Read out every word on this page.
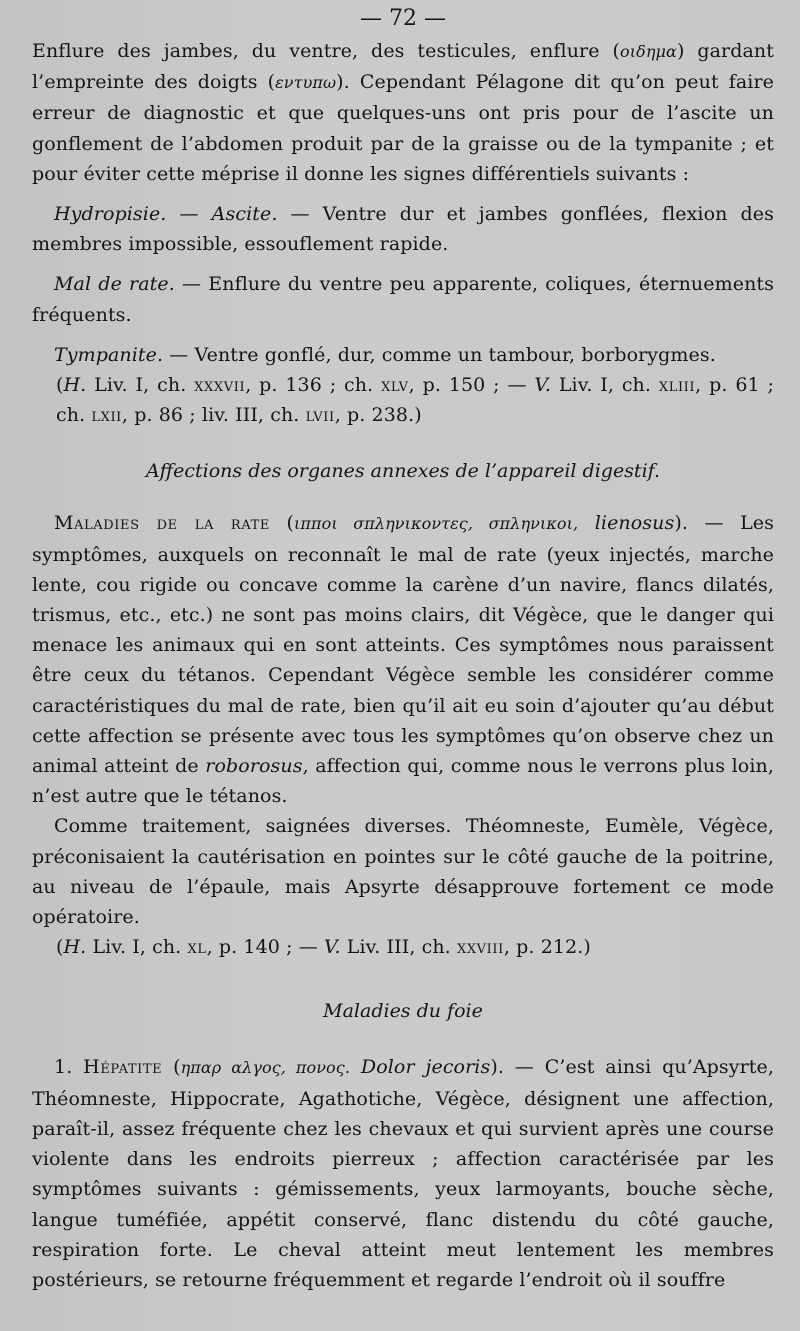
— 72 —

Enflure des jambes, du ventre, des testicules, enflure (οιδημα) gardant l’empreinte des doigts (εντυπω). Cependant Pélagone dit qu’on peut faire erreur de diagnostic et que quelques-uns ont pris pour de l’ascite un gonflement de l’abdomen produit par de la graisse ou de la tympanite ; et pour éviter cette méprise il donne les signes différentiels suivants :

Hydropisie. — Ascite. — Ventre dur et jambes gonflées, flexion des membres impossible, essouflement rapide.

Mal de rate. — Enflure du ventre peu apparente, coliques, éternuements fréquents.

Tympanite. — Ventre gonflé, dur, comme un tambour, borborygmes.

(H. Liv. I, ch. xxxvii, p. 136 ; ch. xlv, p. 150 ; — V. Liv. I, ch. xliii, p. 61 ; ch. lxii, p. 86 ; liv. III, ch. lvii, p. 238.)

Affections des organes annexes de l’appareil digestif.

Maladies de la rate (ιπποι σπληνικοντες, σπληνικοι, lienosus). — Les symptômes, auxquels on reconnaît le mal de rate (yeux injectés, marche lente, cou rigide ou concave comme la carène d’un navire, flancs dilatés, trismus, etc., etc.) ne sont pas moins clairs, dit Végèce, que le danger qui menace les animaux qui en sont atteints. Ces symptômes nous paraissent être ceux du tétanos. Cependant Végèce semble les considérer comme caractéristiques du mal de rate, bien qu’il ait eu soin d’ajouter qu’au début cette affection se présente avec tous les symptômes qu’on observe chez un animal atteint de roborosus, affection qui, comme nous le verrons plus loin, n’est autre que le tétanos.

Comme traitement, saignées diverses. Théomneste, Eumèle, Végèce, préconisaient la cautérisation en pointes sur le côté gauche de la poitrine, au niveau de l’épaule, mais Apsyrte désapprouve fortement ce mode opératoire.

(H. Liv. I, ch. xl, p. 140 ; — V. Liv. III, ch. xxviii, p. 212.)

Maladies du foie

1. Hépatite (ηπαρ αλγος, πονος. Dolor jecoris). — C’est ainsi qu’Apsyrte, Théomneste, Hippocrate, Agathotiche, Végèce, désignent une affection, paraît-il, assez fréquente chez les chevaux et qui survient après une course violente dans les endroits pierreux ; affection caractérisée par les symptômes suivants : gémissements, yeux larmoyants, bouche sèche, langue tuméfiée, appétit conservé, flanc distendu du côté gauche, respiration forte. Le cheval atteint meut lentement les membres postérieurs, se retourne fréquemment et regarde l’endroit où il souffre
